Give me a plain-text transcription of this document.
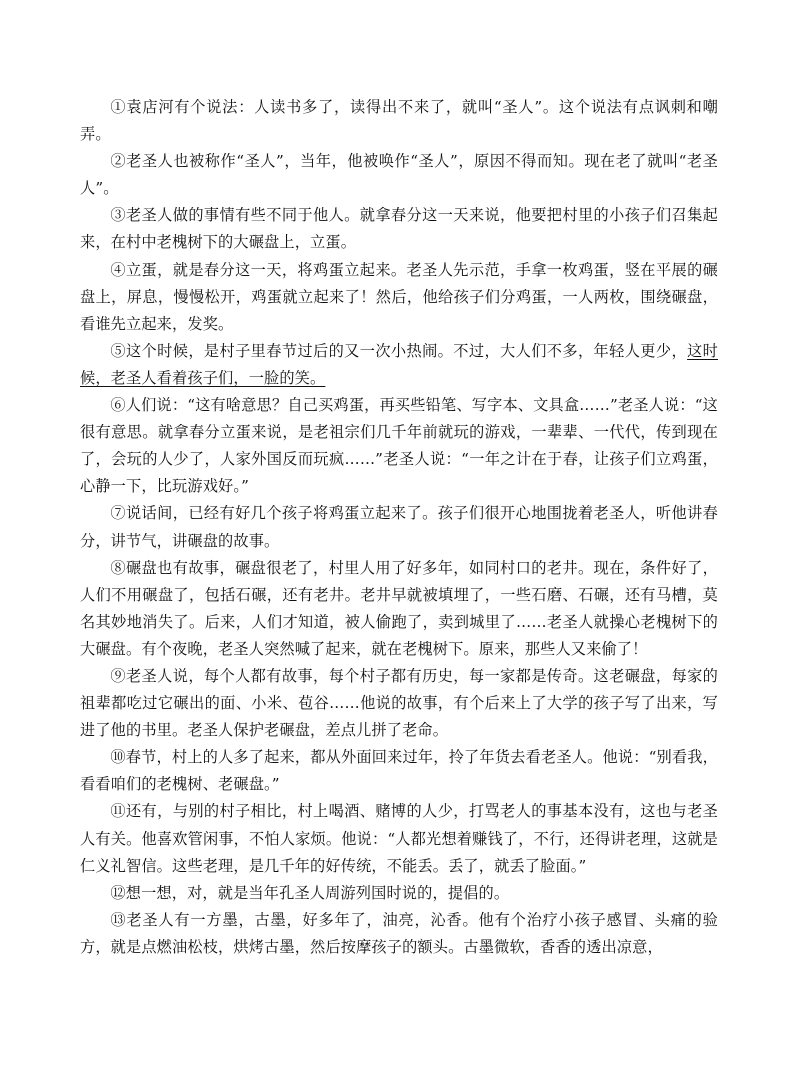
①袁店河有个说法：人读书多了，读得出不来了，就叫“圣人”。这个说法有点讽刺和嘲弄。

②老圣人也被称作“圣人”，当年，他被唤作“圣人”，原因不得而知。现在老了就叫“老圣人”。

③老圣人做的事情有些不同于他人。就拿春分这一天来说，他要把村里的小孩子们召集起来，在村中老槐树下的大碾盘上，立蛋。

④立蛋，就是春分这一天，将鸡蛋立起来。老圣人先示范，手拿一枚鸡蛋，竖在平展的碾盘上，屏息，慢慢松开，鸡蛋就立起来了！然后，他给孩子们分鸡蛋，一人两枚，围绕碾盘，看谁先立起来，发奖。

⑤这个时候，是村子里春节过后的又一次小热闹。不过，大人们不多，年轻人更少，这时候，老圣人看着孩子们，一脸的笑。

⑥人们说：“这有啥意思？自己买鸡蛋，再买些铅笔、写字本、文具盒……”老圣人说：“这很有意思。就拿春分立蛋来说，是老祖宗们几千年前就玩的游戏，一辈辈、一代代，传到现在了，会玩的人少了，人家外国反而玩疯……”老圣人说：“一年之计在于春，让孩子们立鸡蛋，心静一下，比玩游戏好。”

⑦说话间，已经有好几个孩子将鸡蛋立起来了。孩子们很开心地围拢着老圣人，听他讲春分，讲节气，讲碾盘的故事。

⑧碾盘也有故事，碾盘很老了，村里人用了好多年，如同村口的老井。现在，条件好了，人们不用碾盘了，包括石碾，还有老井。老井早就被填埋了，一些石磨、石碾，还有马槽，莫名其妙地消失了。后来，人们才知道，被人偷跑了，卖到城里了……老圣人就操心老槐树下的大碾盘。有个夜晚，老圣人突然喊了起来，就在老槐树下。原来，那些人又来偷了！

⑨老圣人说，每个人都有故事，每个村子都有历史，每一家都是传奇。这老碾盘，每家的祖辈都吃过它碾出的面、小米、苞谷……他说的故事，有个后来上了大学的孩子写了出来，写进了他的书里。老圣人保护老碾盘，差点儿拼了老命。

⑩春节，村上的人多了起来，都从外面回来过年，拎了年货去看老圣人。他说：“别看我，看看咱们的老槐树、老碾盘。”

⑪还有，与别的村子相比，村上喝酒、赌博的人少，打骂老人的事基本没有，这也与老圣人有关。他喜欢管闲事，不怕人家烦。他说：“人都光想着赚钱了，不行，还得讲老理，这就是仁义礼智信。这些老理，是几千年的好传统，不能丢。丢了，就丢了脸面。”

⑫想一想，对，就是当年孔圣人周游列国时说的，提倡的。

⑬老圣人有一方墨，古墨，好多年了，油亮，沁香。他有个治疗小孩子感冒、头痛的验方，就是点燃油松枝，烘烤古墨，然后按摩孩子的额头。古墨微软，香香的透出凉意，
